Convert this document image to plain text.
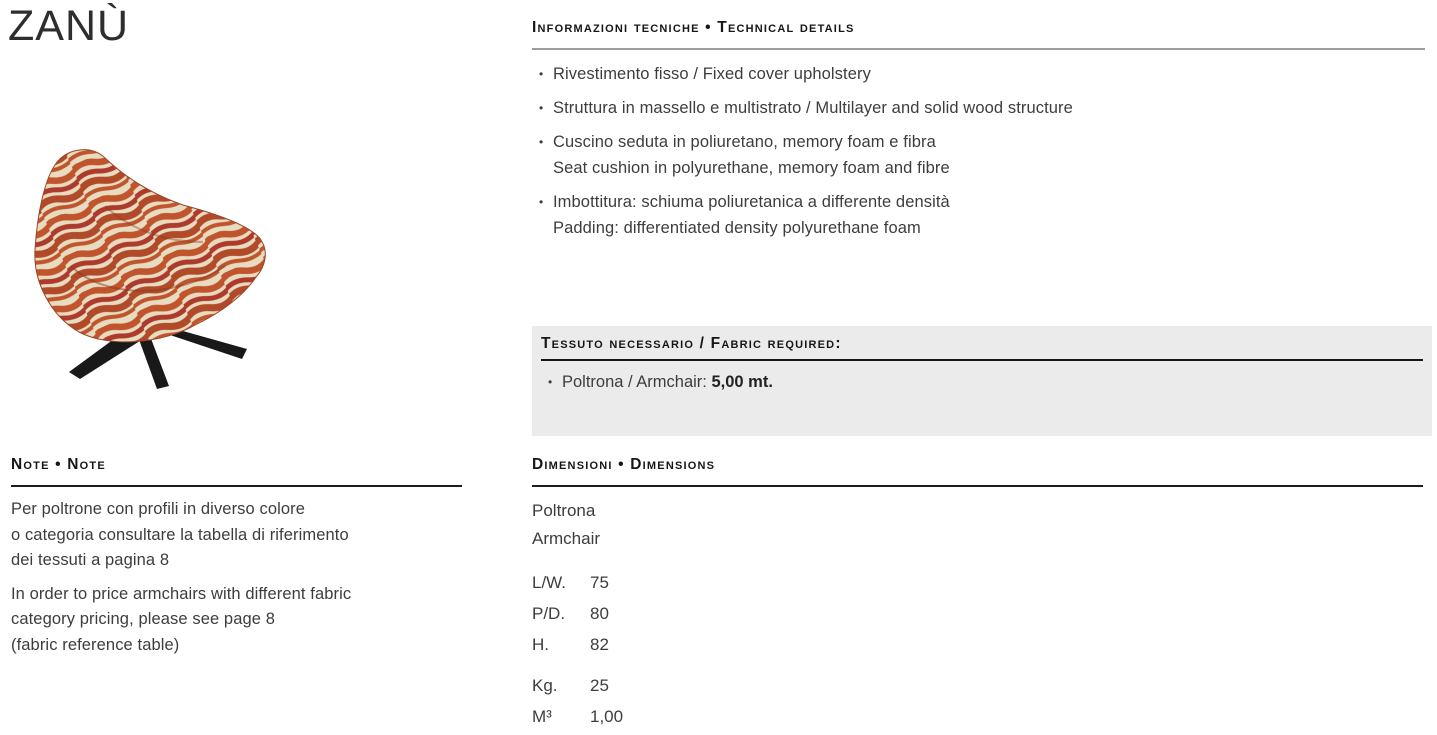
ZANÙ	Informazioni tecniche • Technical details
• Rivestimento fisso / Fixed cover upholstery
• Struttura in massello e multistrato / Multilayer and solid wood structure
• Cuscino seduta in poliuretano, memory foam e fibra
Seat cushion in polyurethane, memory foam and fibre
• Imbottitura: schiuma poliuretanica a differente densità
Padding: differentiated density polyurethane foam
Tessuto necessario / Fabric required:
• Poltrona / Armchair: 5,00 mt.
Note • Note
Per poltrone con profili in diverso colore
o categoria consultare la tabella di riferimento
dei tessuti a pagina 8
In order to price armchairs with different fabric
category pricing, please see page 8
(fabric reference table)
Dimensioni • Dimensions
Poltrona
Armchair
L/W.	75
P/D.	80
H.	82
Kg.	25
M³	1,00
